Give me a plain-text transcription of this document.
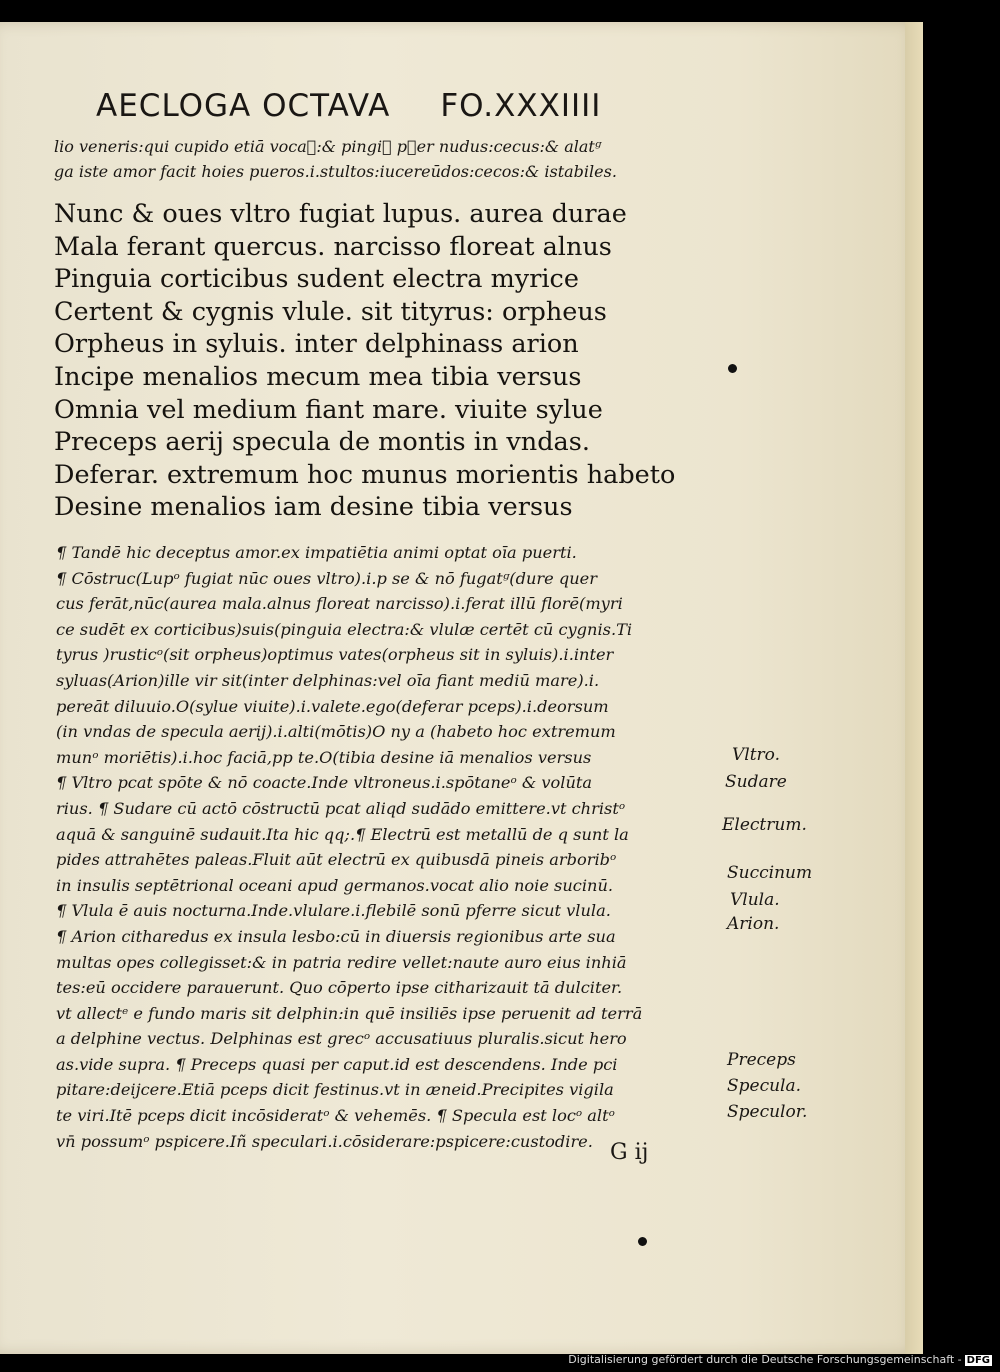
AECLOGA OCTAVA FO.XXXIIII
lio veneris:qui cupido etiā vocaᷣ:& pingiᷣ pᷣer nudus:cecus:& alatᵍ
ga iste amor facit hoies pueros.i.stultos:iucereūdos:cecos:& istabiles.
Nunc & oues vltro fugiat lupus. aurea durae
Mala ferant quercus. narcisso floreat alnus
Pinguia corticibus sudent electra myrice
Certent & cygnis vlule. sit tityrus: orpheus
Orpheus in syluis. inter delphinass arion
Incipe menalios mecum mea tibia versus
Omnia vel medium fiant mare. viuite sylue
Preceps aerij specula de montis in vndas.
Deferar. extremum hoc munus morientis habeto
Desine menalios iam desine tibia versus
¶ Tandē hic deceptus amor.ex impatiētia animi optat oīa puerti.
¶ Cōstruc(Lupᵒ fugiat nūc oues vltro).i.p se & nō fugatᵍ(dure quer
cus ferāt,nūc(aurea mala.alnus floreat narcisso).i.ferat illū florē(myri
ce sudēt ex corticibus)suis(pinguia electra:& vlulæ certēt cū cygnis.Ti
tyrus )rusticᵒ(sit orpheus)optimus vates(orpheus sit in syluis).i.inter
syluas(Arion)ille vir sit(inter delphinas:vel oīa fiant mediū mare).i.
pereāt diluuio.O(sylue viuite).i.valete.ego(deferar pceps).i.deorsum
(in vndas de specula aerij).i.alti(mōtis)O ny a (habeto hoc extremum
munᵒ moriētis).i.hoc faciā,pp te.O(tibia desine iā menalios versus
¶ Vltro pcat spōte & nō coacte.Inde vltroneus.i.spōtaneᵒ & volūta
rius. ¶ Sudare cū actō cōstructū pcat aliqd sudādo emittere.vt christᵒ
aquā & sanguinē sudauit.Ita hic qq;.¶ Electrū est metallū de q sunt la
pides attrahētes paleas.Fluit aūt electrū ex quibusdā pineis arboribᵒ
in insulis septētrional oceani apud germanos.vocat alio noie sucinū.
¶ Vlula ē auis nocturna.Inde.vlulare.i.flebilē sonū pferre sicut vlula.
¶ Arion citharedus ex insula lesbo:cū in diuersis regionibus arte sua
multas opes collegisset:& in patria redire vellet:naute auro eius inhiā
tes:eū occidere parauerunt. Quo cōperto ipse citharizauit tā dulciter.
vt allectᵉ e fundo maris sit delphin:in quē insiliēs ipse peruenit ad terrā
a delphine vectus. Delphinas est grecᵒ accusatiuus pluralis.sicut hero
as.vide supra. ¶ Preceps quasi per caput.id est descendens. Inde pci
pitare:deijcere.Etiā pceps dicit festinus.vt in æneid.Precipites vigila
te viri.Itē pceps dicit incōsideratᵒ & vehemēs. ¶ Specula est locᵒ altᵒ
vn̄ possumᵒ pspicere.Iñ speculari.i.cōsiderare:pspicere:custodire.
Vltro.
Sudare
Electrum.
Succinum
Vlula.
Arion.
Preceps
Specula.
Speculor.
G ij
Digitalisierung gefördert durch die Deutsche Forschungsgemeinschaft - DFG
